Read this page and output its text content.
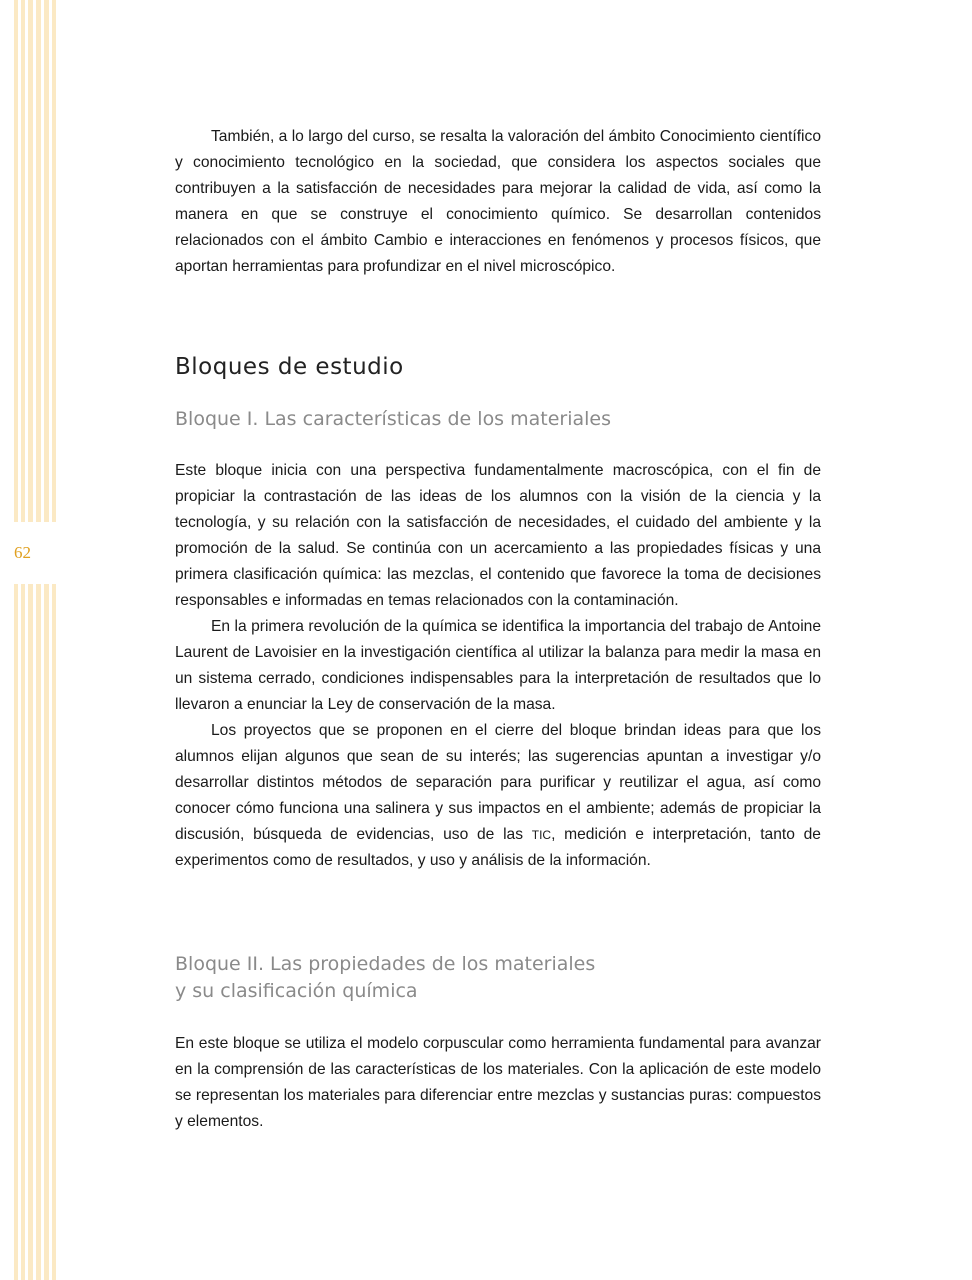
62

También, a lo largo del curso, se resalta la valoración del ámbito Conocimiento científico y conocimiento tecnológico en la sociedad, que considera los aspectos sociales que contribuyen a la satisfacción de necesidades para mejorar la calidad de vida, así como la manera en que se construye el conocimiento químico. Se desarrollan contenidos relacionados con el ámbito Cambio e interacciones en fenómenos y procesos físicos, que aportan herramientas para profundizar en el nivel microscópico.

Bloques de estudio
Bloque I. Las características de los materiales

Este bloque inicia con una perspectiva fundamentalmente macroscópica, con el fin de propiciar la contrastación de las ideas de los alumnos con la visión de la ciencia y la tecnología, y su relación con la satisfacción de necesidades, el cuidado del ambiente y la promoción de la salud. Se continúa con un acercamiento a las propiedades físicas y una primera clasificación química: las mezclas, el contenido que favorece la toma de decisiones responsables e informadas en temas relacionados con la contaminación.

En la primera revolución de la química se identifica la importancia del trabajo de Antoine Laurent de Lavoisier en la investigación científica al utilizar la balanza para medir la masa en un sistema cerrado, condiciones indispensables para la interpretación de resultados que lo llevaron a enunciar la Ley de conservación de la masa.

Los proyectos que se proponen en el cierre del bloque brindan ideas para que los alumnos elijan algunos que sean de su interés; las sugerencias apuntan a investigar y/o desarrollar distintos métodos de separación para purificar y reutilizar el agua, así como conocer cómo funciona una salinera y sus impactos en el ambiente; además de propiciar la discusión, búsqueda de evidencias, uso de las TIC, medición e interpretación, tanto de experimentos como de resultados, y uso y análisis de la información.

Bloque II. Las propiedades de los materiales
y su clasificación química

En este bloque se utiliza el modelo corpuscular como herramienta fundamental para avanzar en la comprensión de las características de los materiales. Con la aplicación de este modelo se representan los materiales para diferenciar entre mezclas y sustancias puras: compuestos y elementos.
